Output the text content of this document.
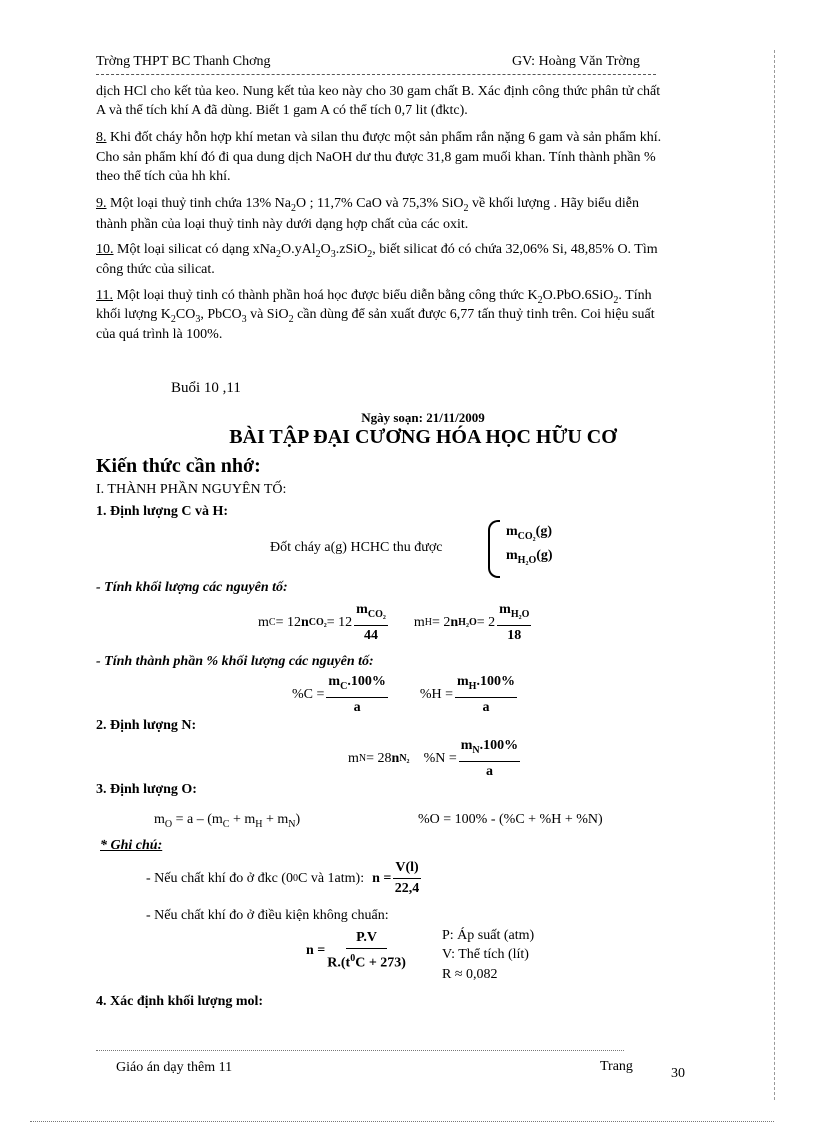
Trờng THPT BC Thanh Chơng	GV: Hoàng Văn Trờng
dịch HCl cho kết tủa keo. Nung kết tủa keo này cho 30 gam chất B. Xác định công thức phân tử chất
A và thể tích khí A đã dùng. Biết 1 gam A có thể tích 0,7 lit (đktc).
8. Khi đốt cháy hỗn hợp khí metan và silan thu được một sản phẩm rắn nặng 6 gam và sản phẩm khí.
Cho sản phẩm khí đó đi qua dung dịch NaOH dư thu được 31,8 gam muối khan. Tính thành phần %
theo thể tích của hh khí.
9. Một loại thuỷ tinh chứa 13% $Na_2O$ ; 11,7% CaO và 75,3% SiO$_2$ về khối lượng . Hãy biểu diễn
thành phần của loại thuỷ tinh này dưới dạng hợp chất của các oxit.
10. Một loại silicat có dạng $xNa_2O.yAl_2O_3.zSiO_2$, biết silicat đó có chứa 32,06% Si, 48,85% O. Tìm
công thức của silicat.
11. Một loại thuỷ tinh có thành phần hoá học được biểu diễn bằng công thức $K_2O.PbO.6SiO_2$. Tính
khối lượng $K_2CO_3$, PbCO$_3$ và SiO$_2$ cần dùng để sản xuất được 6,77 tấn thuỷ tinh trên. Coi hiệu suất
của quá trình là 100%.
Buổi 10 ,11
Ngày soạn: 21/11/2009
BÀI TẬP ĐẠI CƯƠNG HÓA HỌC HỮU CƠ
Kiến thức cần nhớ:
I. THÀNH PHẦN NGUYÊN TỐ:
1. Định lượng C và H:
Đốt cháy a(g) HCHC thu được
$m_{CO_2}(g)$
$m_{H_2O}(g)$
- Tính khối lượng các nguyên tố:
m C = 12 n $CO_2 = 12 \frac{m_{CO_2}}{44}$ m H = 2 n $H_2O = 2 \frac{m_{H_2O}}{18}$
- Tính thành phần % khối lượng các nguyên tố:
$\%C = \frac{m_C.100\%}{a} \%H = \frac{m_H.100\%}{a}$
2. Định lượng N:
m N = 28 n N₂ $\%N = \frac{m_N.100\%}{a}$
3. Định lượng O:
$m_O = a - (m_C + m_H + m_N)$	%O = 100% - (%C + %H + %N)
* Ghi chú:
- Nếu chất khí đo ở đkc (0 0 C và 1atm): $n = \frac{V(l)}{22,4}$
- Nếu chất khí đo ở điều kiện không chuẩn:
$n = \frac{P.V}{R.(t^0C + 273)}$	P: Áp suất (atm)
V: Thể tích (lít)
R ≈ 0,082
4. Xác định khối lượng mol:
Giáo án dạy thêm 11	Trang	30
